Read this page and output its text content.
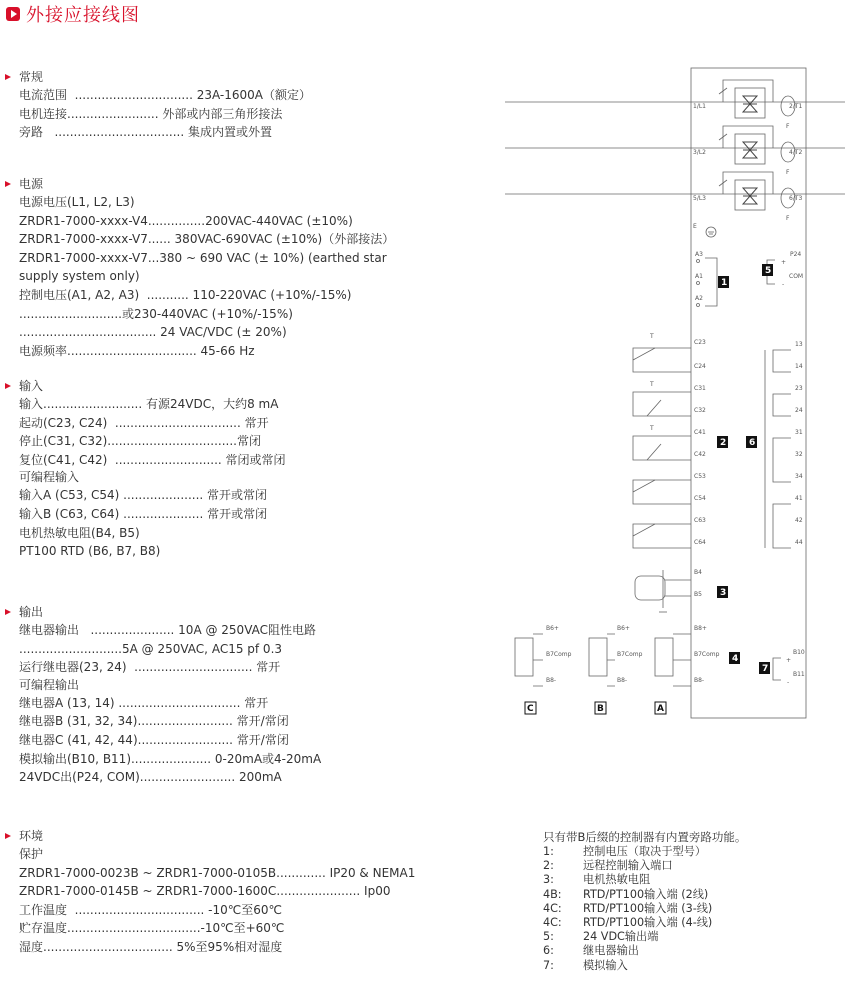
外接应接线图
常规
电流范围  ............................... 23A-1600A（额定）
电机连接........................ 外部或内部三角形接法
旁路   .................................. 集成内置或外置
电源
电源电压(L1, L2, L3)
ZRDR1-7000-xxxx-V4...............200VAC-440VAC (±10%)
ZRDR1-7000-xxxx-V7...... 380VAC-690VAC (±10%)（外部接法）
ZRDR1-7000-xxxx-V7...380 ~ 690 VAC (± 10%) (earthed star
supply system only)
控制电压(A1, A2, A3)  ........... 110-220VAC (+10%/-15%)
...........................或230-440VAC (+10%/-15%)
.................................... 24 VAC/VDC (± 20%)
电源频率.................................. 45-66 Hz
输入
输入.......................... 有源24VDC，大约8 mA
起动(C23, C24)  ................................. 常开
停止(C31, C32)..................................常闭
复位(C41, C42)  ............................ 常闭或常闭
可编程输入
输入A (C53, C54) ..................... 常开或常闭
输入B (C63, C64) ..................... 常开或常闭
电机热敏电阻(B4, B5)
PT100 RTD (B6, B7, B8)
输出
继电器输出   ...................... 10A @ 250VAC阻性电路
...........................5A @ 250VAC, AC15 pf 0.3
运行继电器(23, 24)  ............................... 常开
可编程输出
继电器A (13, 14) ................................ 常开
继电器B (31, 32, 34)......................... 常开/常闭
继电器C (41, 42, 44)......................... 常开/常闭
模拟输出(B10, B11)..................... 0-20mA或4-20mA
24VDC出(P24, COM)......................... 200mA
环境
保护
ZRDR1-7000-0023B ~ ZRDR1-7000-0105B............. IP20 & NEMA1
ZRDR1-7000-0145B ~ ZRDR1-7000-1600C...................... Ip00
工作温度  .................................. -10℃至60℃
贮存温度...................................-10℃至+60℃
湿度.................................. 5%至95%相对湿度
只有带B后缀的控制器有内置旁路功能。
1:	控制电压（取决于型号）
2:	远程控制输入端口
3:	电机热敏电阻
4B:	RTD/PT100输入端 (2线)
4C:	RTD/PT100输入端 (3-线)
4C:	RTD/PT100输入端 (4-线)
5:	24 VDC输出端
6:	继电器输出
7:	模拟输入
1/L1
3/L2
5/L3
2/T1
4/T2
6/T3
F
F
F
E
A3
A1
A2
1
P24
COM
+
-
5
C23
C24
C31
C32
C41
C42
C53
C54
C63
C64
T
T
T
2
13
14
23
24
31
32
34
41
42
44
6
B4
B5 3
B8+
B7Comp
B8-
4
A
B6+
B7Comp
B8-
B
B6+
B7Comp
B8-
C
B10
B11
+
-
7
